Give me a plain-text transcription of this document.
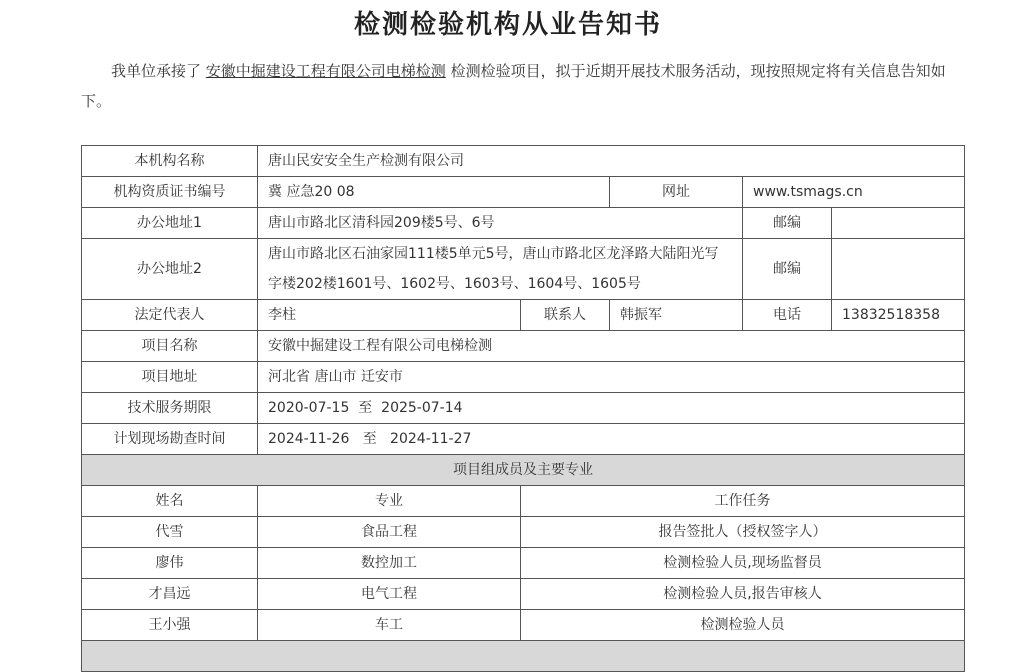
检测检验机构从业告知书
我单位承接了 安徽中掘建设工程有限公司电梯检测 检测检验项目，拟于近期开展技术服务活动，现按照规定将有关信息告知如下。
本机构名称	唐山民安安全生产检测有限公司				
机构资质证书编号	冀 应急20 08		网址	www.tsmags.cn	
办公地址1	唐山市路北区清科园209楼5号、6号			邮编	
办公地址2	唐山市路北区石油家园111楼5单元5号，唐山市路北区龙泽路大陆阳光写字楼202楼1601号、1602号、1603号、1604号、1605号			邮编	
法定代表人	李柱	联系人	韩振军	电话	13832518358
项目名称	安徽中掘建设工程有限公司电梯检测				
项目地址	河北省 唐山市 迁安市				
技术服务期限	2020-07-15  至  2025-07-14				
计划现场勘查时间	2024-11-26   至   2024-11-27				
项目组成员及主要专业					
姓名	专业	工作任务			
代雪	食品工程	报告签批人（授权签字人）			
廖伟	数控加工	检测检验人员,现场监督员			
才昌远	电气工程	检测检验人员,报告审核人			
王小强	车工	检测检验人员			
